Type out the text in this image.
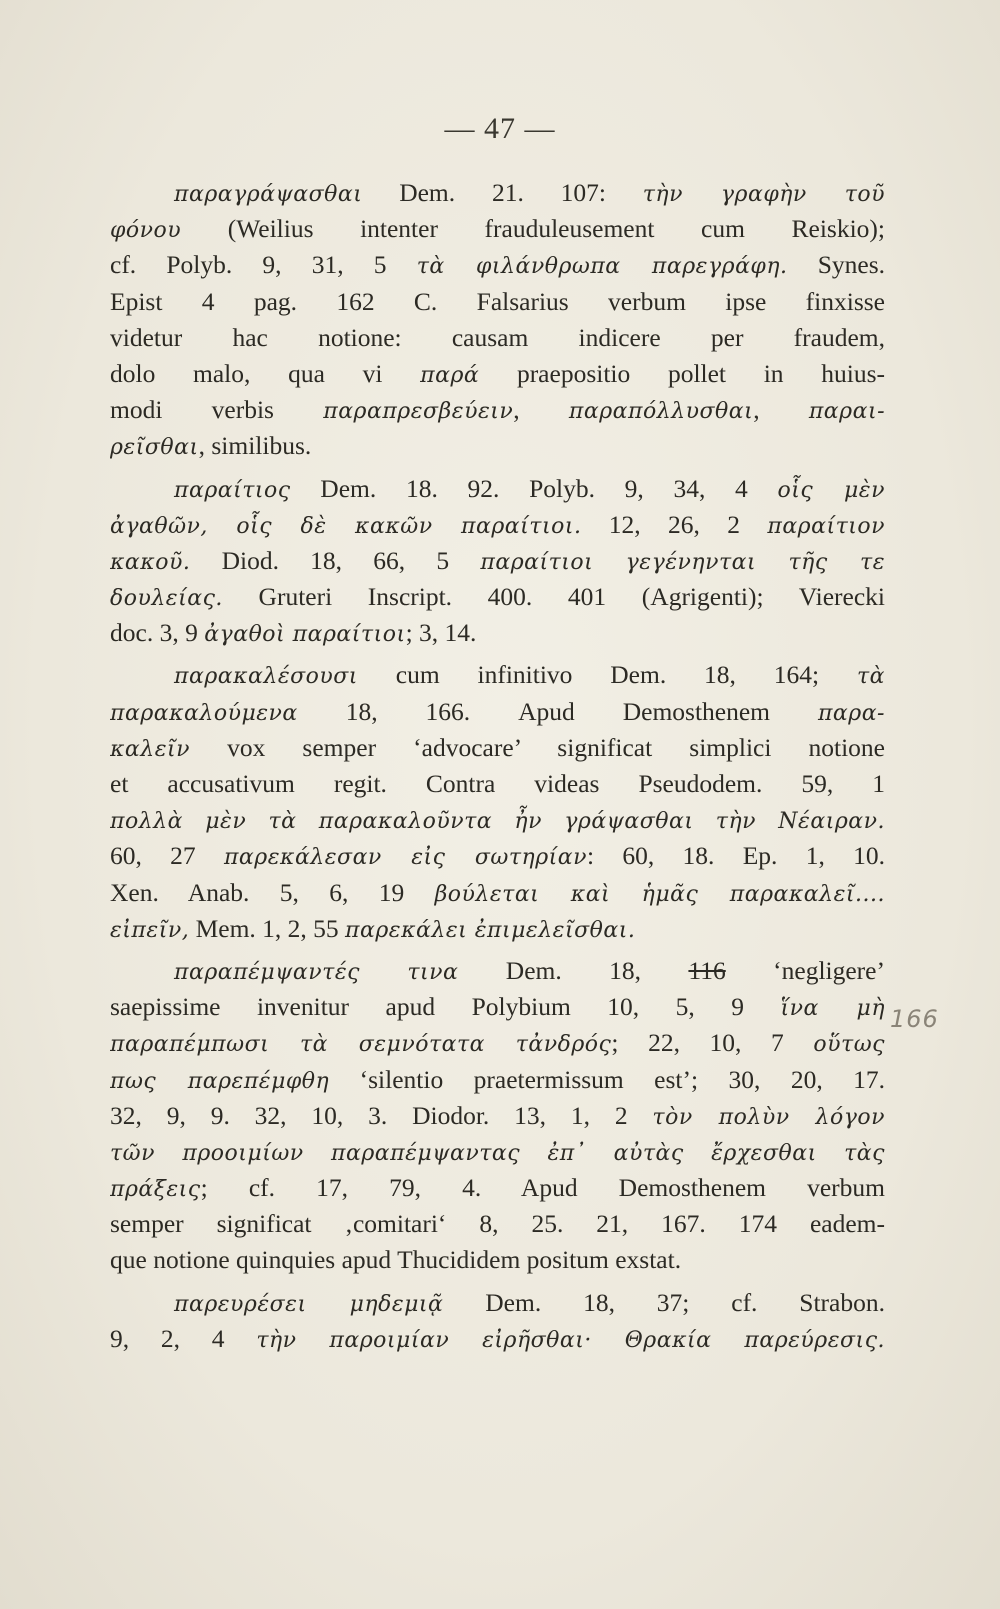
— 47 —
παραγράψασθαι Dem. 21. 107: τὴν γραφὴν τοῦ
φόνου (Weilius intenter frauduleusement cum Reiskio);
cf. Polyb. 9, 31, 5 τὰ φιλάνθρωπα παρεγράφη. Synes.
Epist 4 pag. 162 C. Falsarius verbum ipse finxisse
videtur hac notione: causam indicere per fraudem,
dolo malo, qua vi παρά praepositio pollet in huius-
modi verbis παραπρεσβεύειν, παραπόλλυσθαι, παραι-
ρεῖσθαι, similibus.
παραίτιος Dem. 18. 92. Polyb. 9, 34, 4 οἷς μὲν
ἀγαθῶν, οἷς δὲ κακῶν παραίτιοι. 12, 26, 2 παραίτιον
κακοῦ. Diod. 18, 66, 5 παραίτιοι γεγένηνται τῆς τε
δουλείας. Gruteri Inscript. 400. 401 (Agrigenti); Vierecki
doc. 3, 9 ἀγαθοὶ παραίτιοι; 3, 14.
παρακαλέσουσι cum infinitivo Dem. 18, 164; τὰ
παρακαλούμενα 18, 166. Apud Demosthenem παρα-
καλεῖν vox semper ‘advocare’ significat simplici notione
et accusativum regit. Contra videas Pseudodem. 59, 1
πολλὰ μὲν τὰ παρακαλοῦντα ἦν γράψασθαι τὴν Νέαιραν.
60, 27 παρεκάλεσαν εἰς σωτηρίαν: 60, 18. Ep. 1, 10.
Xen. Anab. 5, 6, 19 βούλεται καὶ ἡμᾶς παρακαλεῖ....
εἰπεῖν, Mem. 1, 2, 55 παρεκάλει ἐπιμελεῖσθαι.
παραπέμψαντές τινα Dem. 18, 116 ‘negligere’
saepissime invenitur apud Polybium 10, 5, 9 ἵνα μὴ
παραπέμπωσι τὰ σεμνότατα τἀνδρός; 22, 10, 7 οὕτως
πως παρεπέμφθη ‘silentio praetermissum est’; 30, 20, 17.
32, 9, 9. 32, 10, 3. Diodor. 13, 1, 2 τὸν πολὺν λόγον
τῶν προοιμίων παραπέμψαντας ἐπ᾽ αὐτὰς ἔρχεσθαι τὰς
πράξεις; cf. 17, 79, 4. Apud Demosthenem verbum
semper significat ‚comitari‘ 8, 25. 21, 167. 174 eadem-
que notione quinquies apud Thucididem positum exstat.
παρευρέσει μηδεμιᾷ Dem. 18, 37; cf. Strabon.
9, 2, 4 τὴν παροιμίαν εἰρῆσθαι· Θρακία παρεύρεσις.
166
